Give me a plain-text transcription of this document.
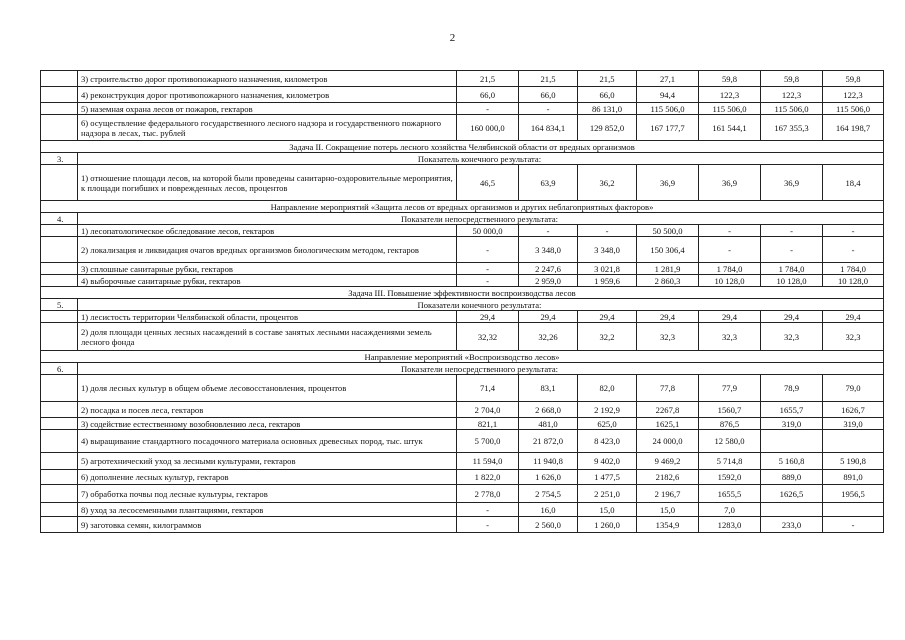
2
	3) строительство дорог противопожарного назначения, километров	21,5	21,5	21,5	27,1	59,8	59,8	59,8
	4) реконструкция дорог противопожарного назначения, километров	66,0	66,0	66,0	94,4	122,3	122,3	122,3
	5) наземная охрана лесов от пожаров, гектаров	-	-	86 131,0	115 506,0	115 506,0	115 506,0	115 506,0
	6) осуществление федерального государственного лесного надзора и государственного пожарного надзора в лесах, тыс. рублей	160 000,0	164 834,1	129 852,0	167 177,7	161 544,1	167 355,3	164 198,7
Задача II. Сокращение потерь лесного хозяйства Челябинской области от вредных организмов								
3.	Показатель конечного результата:							
	1) отношение площади лесов, на которой были проведены санитарно-оздоровительные мероприятия, к площади погибших и поврежденных лесов, процентов	46,5	63,9	36,2	36,9	36,9	36,9	18,4
Направление мероприятий «Защита лесов от вредных организмов и других неблагоприятных факторов»								
4.	Показатели непосредственного результата:							
	1) лесопатологическое обследование лесов, гектаров	50 000,0	-	-	50 500,0	-	-	-
	2) локализация и ликвидация очагов вредных организмов биологическим методом, гектаров	-	3 348,0	3 348,0	150 306,4	-	-	-
	3) сплошные санитарные рубки, гектаров	-	2 247,6	3 021,8	1 281,9	1 784,0	1 784,0	1 784,0
	4) выборочные санитарные рубки, гектаров	-	2 959,0	1 959,6	2 860,3	10 128,0	10 128,0	10 128,0
Задача III. Повышение эффективности воспроизводства лесов								
5.	Показатели конечного результата:							
	1) лесистость территории Челябинской области, процентов	29,4	29,4	29,4	29,4	29,4	29,4	29,4
	2) доля площади ценных лесных насаждений в составе занятых лесными насаждениями земель лесного фонда	32,32	32,26	32,2	32,3	32,3	32,3	32,3
Направление мероприятий «Воспроизводство лесов»								
6.	Показатели непосредственного результата:							
	1) доля лесных культур в общем объеме лесовосстановления, процентов	71,4	83,1	82,0	77,8	77,9	78,9	79,0
	2) посадка и посев леса, гектаров	2 704,0	2 668,0	2 192,9	2267,8	1560,7	1655,7	1626,7
	3) содействие естественному возобновлению леса, гектаров	821,1	481,0	625,0	1625,1	876,5	319,0	319,0
	4) выращивание стандартного посадочного материала основных древесных пород, тыс. штук	5 700,0	21 872,0	8 423,0	24 000,0	12 580,0		
	5) агротехнический уход за лесными культурами, гектаров	11 594,0	11 940,8	9 402,0	9 469,2	5 714,8	5 160,8	5 190,8
	6) дополнение лесных культур, гектаров	1 822,0	1 626,0	1 477,5	2182,6	1592,0	889,0	891,0
	7) обработка почвы под лесные культуры, гектаров	2 778,0	2 754,5	2 251,0	2 196,7	1655,5	1626,5	1956,5
	8) уход за лесосеменными плантациями, гектаров	-	16,0	15,0	15,0	7,0		
	9) заготовка семян, килограммов	-	2 560,0	1 260,0	1354,9	1283,0	233,0	-
